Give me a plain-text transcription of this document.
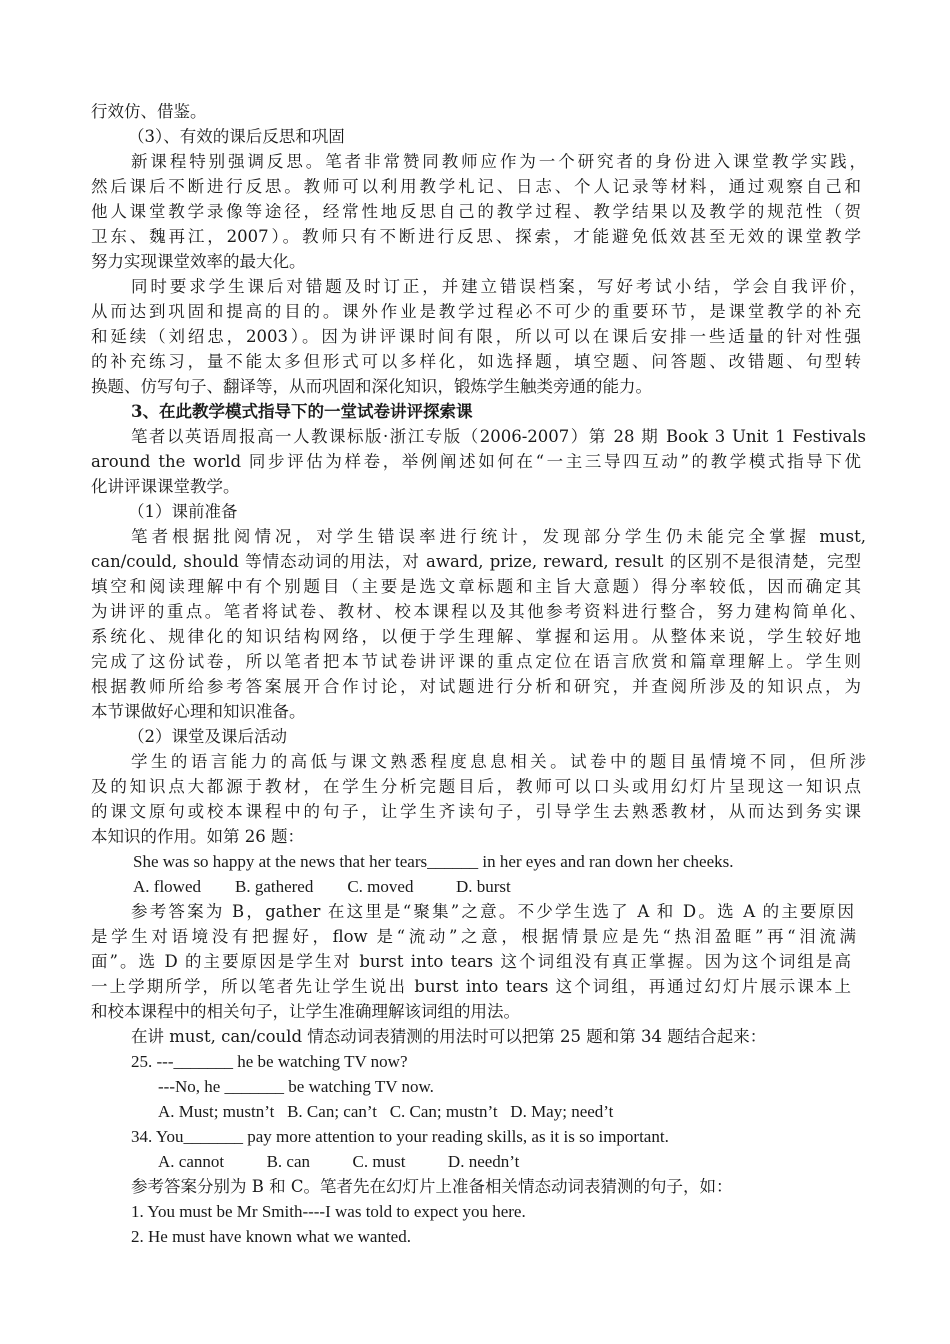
行效仿、借鉴。
（3）、有效的课后反思和巩固
新课程特别强调反思。笔者非常赞同教师应作为一个研究者的身份进入课堂教学实践，
然后课后不断进行反思。教师可以利用教学札记、日志、个人记录等材料，通过观察自己和
他人课堂教学录像等途径，经常性地反思自己的教学过程、教学结果以及教学的规范性（贺
卫东、魏再江，2007）。教师只有不断进行反思、探索，才能避免低效甚至无效的课堂教学
努力实现课堂效率的最大化。
同时要求学生课后对错题及时订正，并建立错误档案，写好考试小结，学会自我评价，
从而达到巩固和提高的目的。课外作业是教学过程必不可少的重要环节，是课堂教学的补充
和延续（刘绍忠，2003）。因为讲评课时间有限，所以可以在课后安排一些适量的针对性强
的补充练习，量不能太多但形式可以多样化，如选择题，填空题、问答题、改错题、句型转
换题、仿写句子、翻译等，从而巩固和深化知识，锻炼学生触类旁通的能力。
3、在此教学模式指导下的一堂试卷讲评探索课
笔者以英语周报高一人教课标版·浙江专版（2006-2007）第 28 期 Book 3 Unit 1 Festivals
around the world 同步评估为样卷，举例阐述如何在“一主三导四互动”的教学模式指导下优
化讲评课课堂教学。
（1）课前准备
笔者根据批阅情况，对学生错误率进行统计，发现部分学生仍未能完全掌握 must,
can/could, should 等情态动词的用法，对 award, prize, reward, result 的区别不是很清楚，完型
填空和阅读理解中有个别题目（主要是选文章标题和主旨大意题）得分率较低，因而确定其
为讲评的重点。笔者将试卷、教材、校本课程以及其他参考资料进行整合，努力建构简单化、
系统化、规律化的知识结构网络，以便于学生理解、掌握和运用。从整体来说，学生较好地
完成了这份试卷，所以笔者把本节试卷讲评课的重点定位在语言欣赏和篇章理解上。学生则
根据教师所给参考答案展开合作讨论，对试题进行分析和研究，并查阅所涉及的知识点，为
本节课做好心理和知识准备。
（2）课堂及课后活动
学生的语言能力的高低与课文熟悉程度息息相关。试卷中的题目虽情境不同，但所涉
及的知识点大都源于教材，在学生分析完题目后，教师可以口头或用幻灯片呈现这一知识点
的课文原句或校本课程中的句子，让学生齐读句子，引导学生去熟悉教材，从而达到务实课
本知识的作用。如第 26 题：
She was so happy at the news that her tears______ in her eyes and ran down her cheeks.
A. flowed        B. gathered        C. moved          D. burst
参考答案为 B，gather 在这里是“聚集”之意。不少学生选了 A 和 D。选 A 的主要原因
是学生对语境没有把握好，flow 是“流动”之意，根据情景应是先“热泪盈眶”再“泪流满
面”。选 D 的主要原因是学生对 burst into tears 这个词组没有真正掌握。因为这个词组是高
一上学期所学，所以笔者先让学生说出 burst into tears 这个词组，再通过幻灯片展示课本上
和校本课程中的相关句子，让学生准确理解该词组的用法。
在讲 must, can/could 情态动词表猜测的用法时可以把第 25 题和第 34 题结合起来：
25. ---_______ he be watching TV now?
---No, he _______ be watching TV now.
A. Must; mustn’t   B. Can; can’t   C. Can; mustn’t   D. May; need’t
34. You_______ pay more attention to your reading skills, as it is so important.
A. cannot          B. can          C. must          D. needn’t
参考答案分别为 B 和 C。笔者先在幻灯片上准备相关情态动词表猜测的句子，如：
1. You must be Mr Smith----I was told to expect you here.
2. He must have known what we wanted.
